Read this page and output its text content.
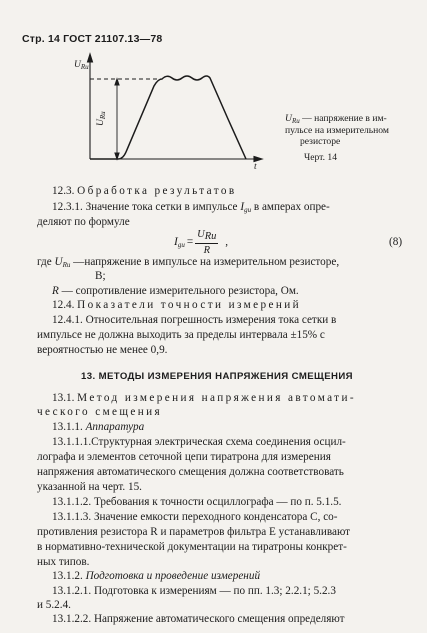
Стр. 14 ГОСТ 21107.13—78
$U_{Rи}$
t
$U_{Rи}$	$U_{Rи}$ — напряжение в им-
пульсе на измерительном
резисторе
Черт. 14
12.3. Обработка результатов
12.3.1. Значение тока сетки в импульсе $I_{gи}$ в амперах опре-
деляют по формуле
$I_{gи} = \frac{\text{URи}}{R}$ ,	(8)
где $U_{Rи}$ —напряжение в импульсе на измерительном резисторе,
В;
R — сопротивление измерительного резистора, Ом.
12.4. Показатели точности измерений
12.4.1. Относительная погрешность измерения тока сетки в
импульсе не должна выходить за пределы интервала ±15% с
вероятностью не менее 0,9.
13. МЕТОДЫ ИЗМЕРЕНИЯ НАПРЯЖЕНИЯ СМЕЩЕНИЯ
13.1. Метод измерения напряжения автомати-
ческого смещения
13.1.1. Аппаратура
13.1.1.1.Структурная электрическая схема соединения осцил-
лографа и элементов сеточной цепи тиратрона для измерения
напряжения автоматического смещения должна соответствовать
указанной на черт. 15.
13.1.1.2. Требования к точности осциллографа — по п. 5.1.5.
13.1.1.3. Значение емкости переходного конденсатора С, со-
противления резистора R и параметров фильтра Е устанавливают
в нормативно-технической документации на тиратроны конкрет-
ных типов.
13.1.2. Подготовка и проведение измерений
13.1.2.1. Подготовка к измерениям — по пп. 1.3; 2.2.1; 5.2.3
и 5.2.4.
13.1.2.2. Напряжение автоматического смещения определяют
